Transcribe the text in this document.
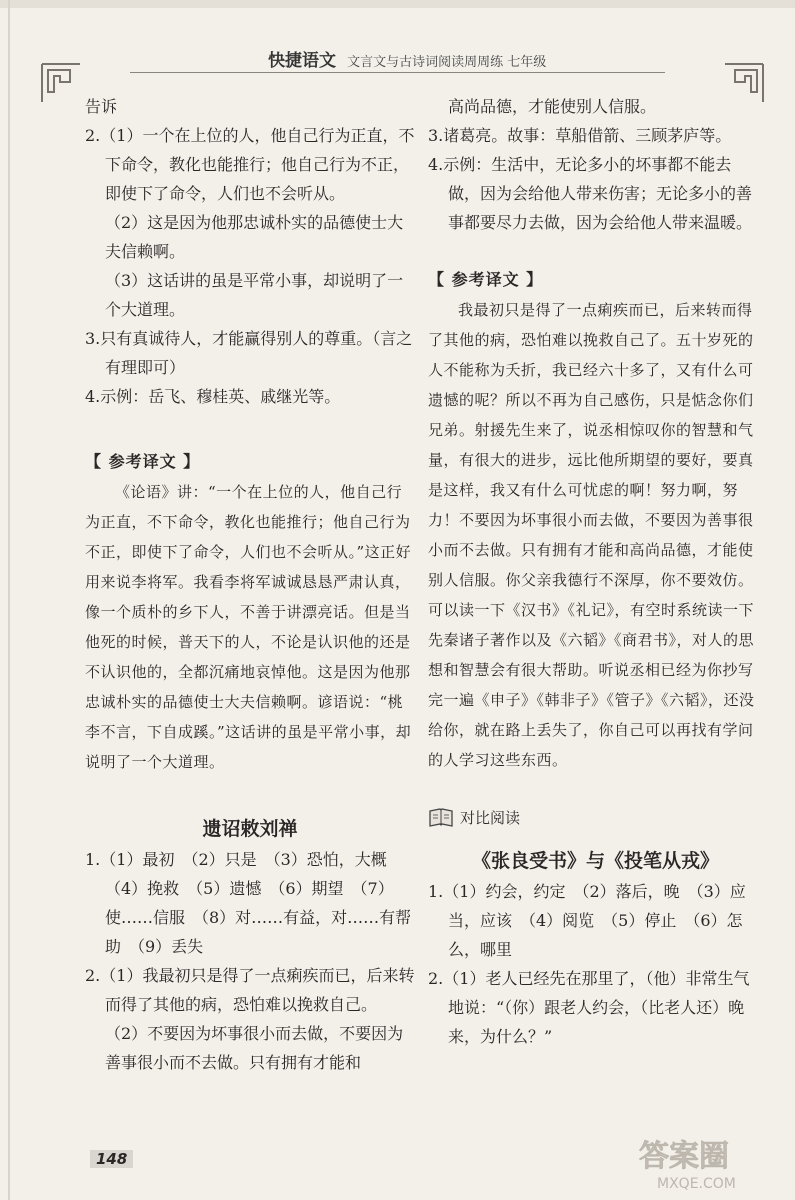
快捷语文 文言文与古诗词阅读周周练 七年级

告诉

2.（1）一个在上位的人，他自己行为正直，不下命令，教化也能推行；他自己行为不正，即使下了命令，人们也不会听从。

（2）这是因为他那忠诚朴实的品德使士大夫信赖啊。

（3）这话讲的虽是平常小事，却说明了一个大道理。

3.只有真诚待人，才能赢得别人的尊重。（言之有理即可）

4.示例：岳飞、穆桂英、戚继光等。

【 参考译文 】

《论语》讲：“一个在上位的人，他自己行为正直，不下命令，教化也能推行；他自己行为不正，即使下了命令，人们也不会听从。”这正好用来说李将军。我看李将军诚诚恳恳严肃认真，像一个质朴的乡下人，不善于讲漂亮话。但是当他死的时候，普天下的人，不论是认识他的还是不认识他的，全都沉痛地哀悼他。这是因为他那忠诚朴实的品德使士大夫信赖啊。谚语说：“桃李不言，下自成蹊。”这话讲的虽是平常小事，却说明了一个大道理。

遗诏敕刘禅

1.（1）最初　（2）只是　（3）恐怕，大概　（4）挽救　（5）遗憾　（6）期望　（7）使……信服　（8）对……有益，对……有帮助　（9）丢失

2.（1）我最初只是得了一点痢疾而已，后来转而得了其他的病，恐怕难以挽救自己。

（2）不要因为坏事很小而去做，不要因为善事很小而不去做。只有拥有才能和

高尚品德，才能使别人信服。

3.诸葛亮。故事：草船借箭、三顾茅庐等。

4.示例：生活中，无论多小的坏事都不能去做，因为会给他人带来伤害；无论多小的善事都要尽力去做，因为会给他人带来温暖。

【 参考译文 】

我最初只是得了一点痢疾而已，后来转而得了其他的病，恐怕难以挽救自己了。五十岁死的人不能称为夭折，我已经六十多了，又有什么可遗憾的呢？所以不再为自己感伤，只是惦念你们兄弟。射援先生来了，说丞相惊叹你的智慧和气量，有很大的进步，远比他所期望的要好，要真是这样，我又有什么可忧虑的啊！努力啊，努力！不要因为坏事很小而去做，不要因为善事很小而不去做。只有拥有才能和高尚品德，才能使别人信服。你父亲我德行不深厚，你不要效仿。可以读一下《汉书》《礼记》，有空时系统读一下先秦诸子著作以及《六韬》《商君书》，对人的思想和智慧会有很大帮助。听说丞相已经为你抄写完一遍《申子》《韩非子》《管子》《六韬》，还没给你，就在路上丢失了，你自己可以再找有学问的人学习这些东西。

对比阅读

《张良受书》与《投笔从戎》

1.（1）约会，约定　（2）落后，晚　（3）应当，应该　（4）阅览　（5）停止　（6）怎么，哪里

2.（1）老人已经先在那里了，（他）非常生气地说：“（你）跟老人约会，（比老人还）晚来，为什么？”

148	答案圈
MXQE.COM
